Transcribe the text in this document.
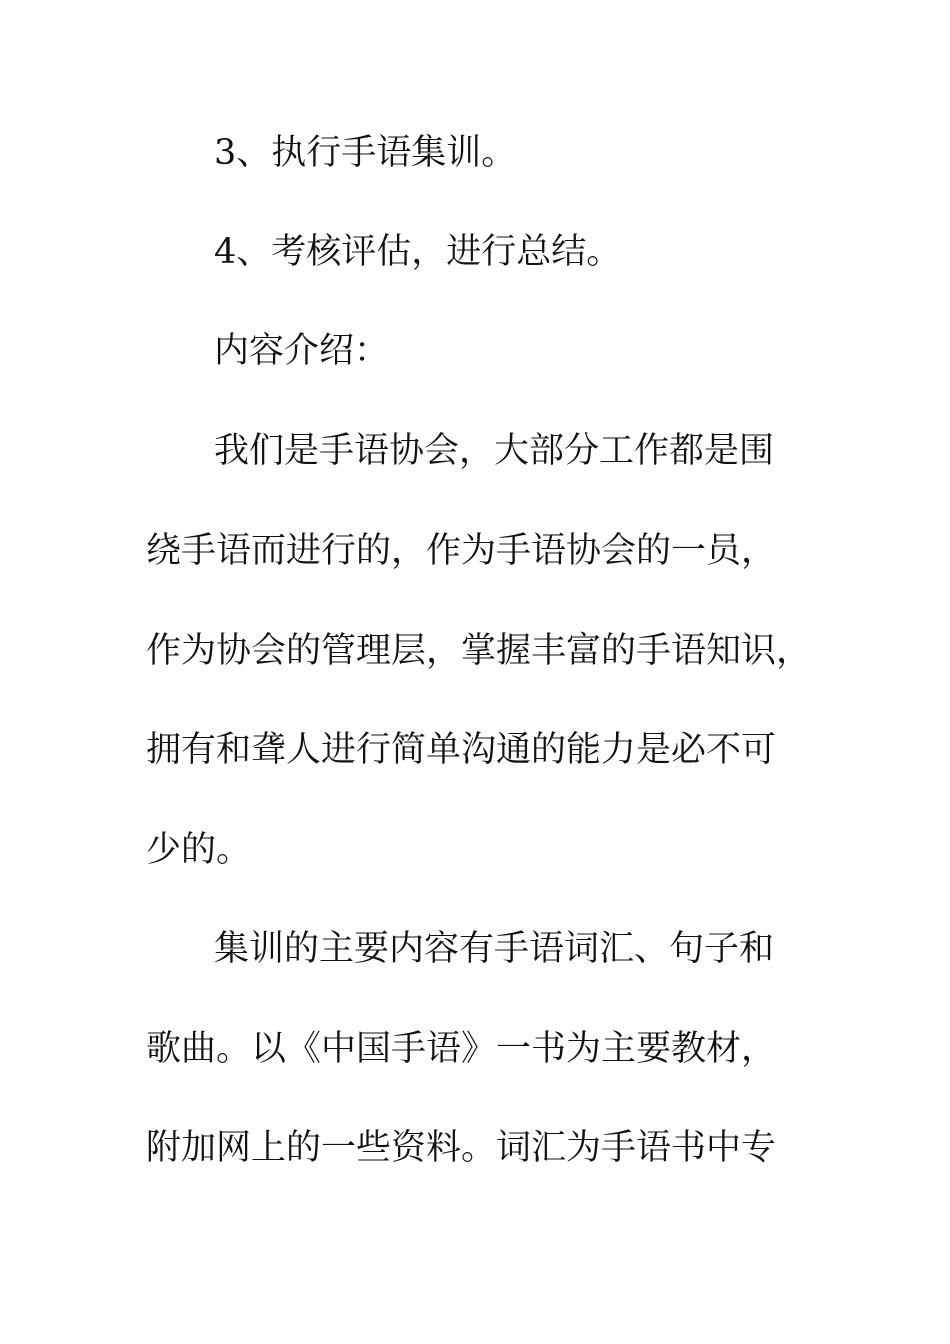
3、执行手语集训。
4、考核评估，进行总结。
内容介绍：
我们是手语协会，大部分工作都是围
绕手语而进行的，作为手语协会的一员，
作为协会的管理层，掌握丰富的手语知识，
拥有和聋人进行简单沟通的能力是必不可
少的。
集训的主要内容有手语词汇、句子和
歌曲。以《中国手语》一书为主要教材，
附加网上的一些资料。词汇为手语书中专
